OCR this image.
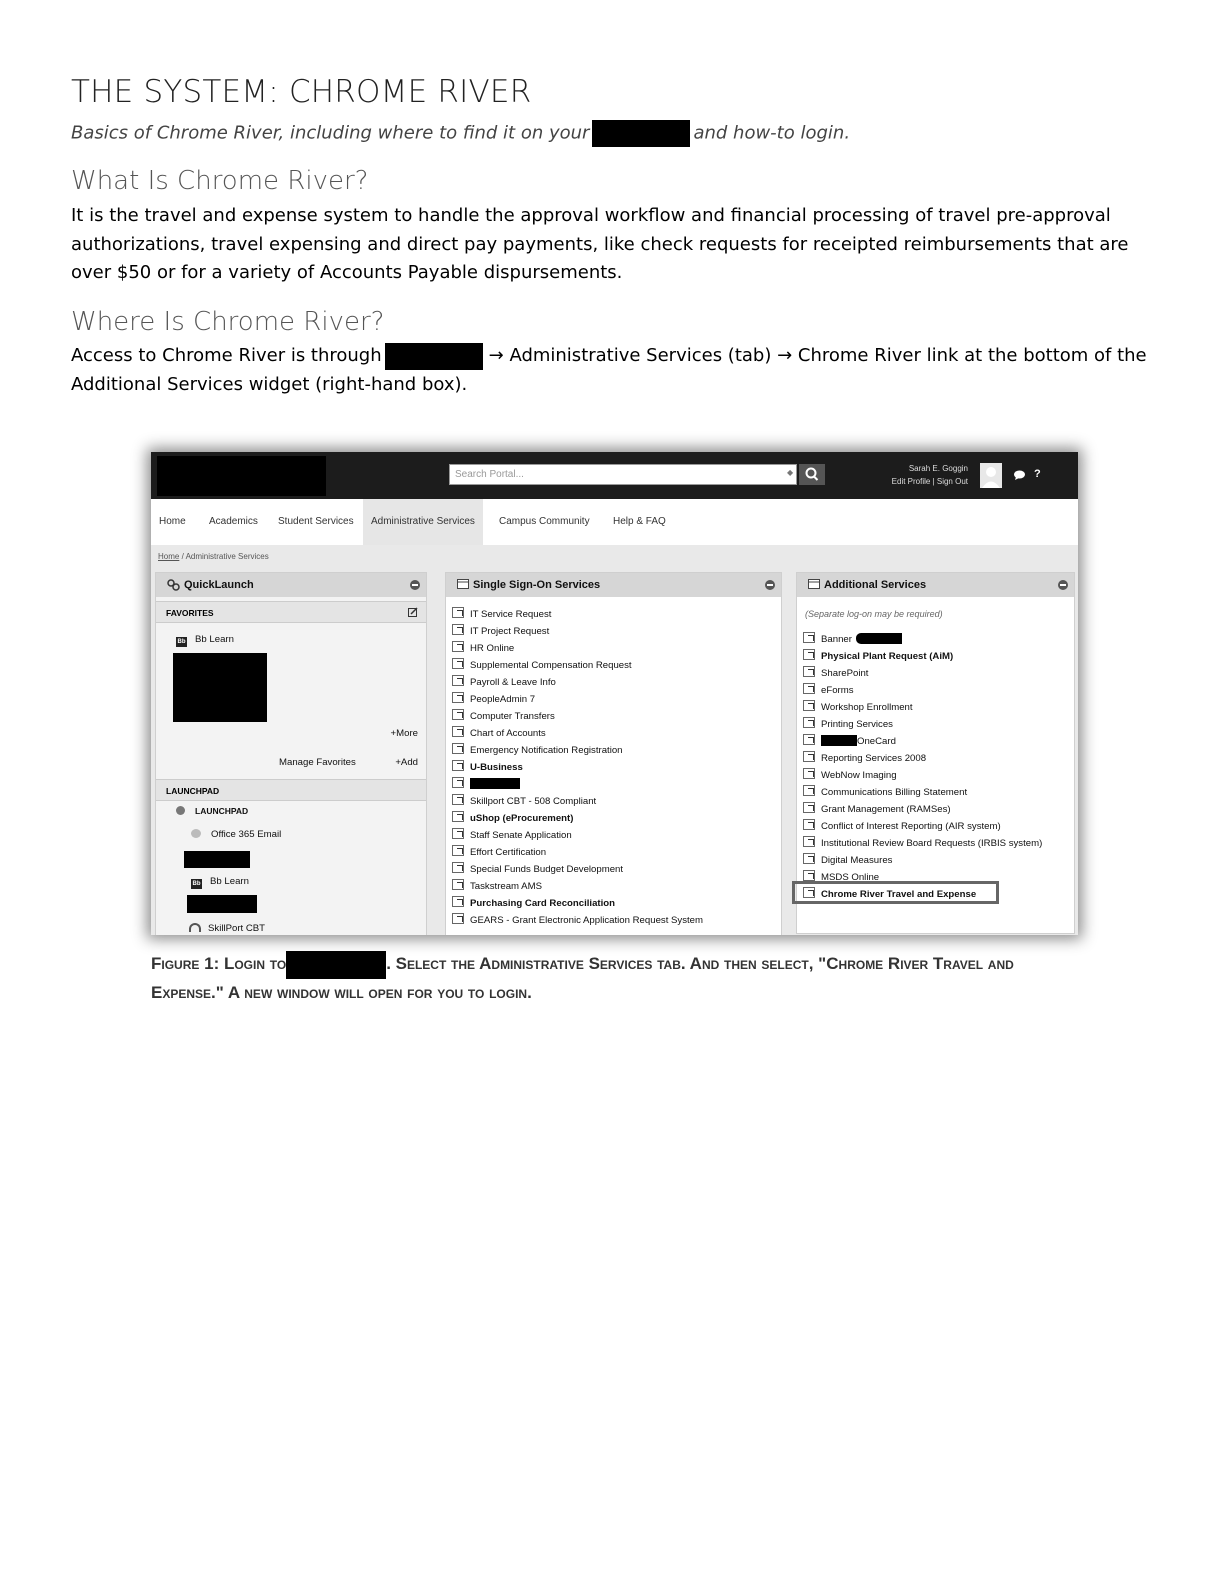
THE SYSTEM: CHROME RIVER
Basics of Chrome River, including where to find it on your	and how-to login.
What Is Chrome River?
It is the travel and expense system to handle the approval workflow and financial processing of travel pre-approval authorizations, travel expensing and direct pay payments, like check requests for receipted reimbursements that are over $50 or for a variety of Accounts Payable dispursements.
Where Is Chrome River?
Access to Chrome River is through	→ Administrative Services (tab) → Chrome River link at the bottom of the Additional Services widget (right-hand box).
Search Portal...	◆	Sarah E. Goggin
Edit Profile | Sign Out
?
Home	Academics	Student Services	Administrative Services	Campus Community	Help & FAQ
Home / Administrative Services
QuickLaunch
FAVORITES
Bb Bb Learn
+More
Manage Favorites	+Add
LAUNCHPAD
LAUNCHPAD
Office 365 Email
Bb Bb Learn
SkillPort CBT
Single Sign-On Services
IT Service Request
IT Project Request
HR Online
Supplemental Compensation Request
Payroll & Leave Info
PeopleAdmin 7
Computer Transfers
Chart of Accounts
Emergency Notification Registration
U-Business
Skillport CBT - 508 Compliant
uShop (eProcurement)
Staff Senate Application
Effort Certification
Special Funds Budget Development
Taskstream AMS
Purchasing Card Reconciliation
GEARS - Grant Electronic Application Request System
Additional Services
(Separate log-on may be required)
Banner
Physical Plant Request (AiM)
SharePoint
eForms
Workshop Enrollment
Printing Services
OneCard
Reporting Services 2008
WebNow Imaging
Communications Billing Statement
Grant Management (RAMSes)
Conflict of Interest Reporting (AIR system)
Institutional Review Board Requests (IRBIS system)
Digital Measures
MSDS Online
Chrome River Travel and Expense
Figure 1: Login to	. Select the Administrative Services tab. And then select, "Chrome River Travel and Expense." A new window will open for you to login.
